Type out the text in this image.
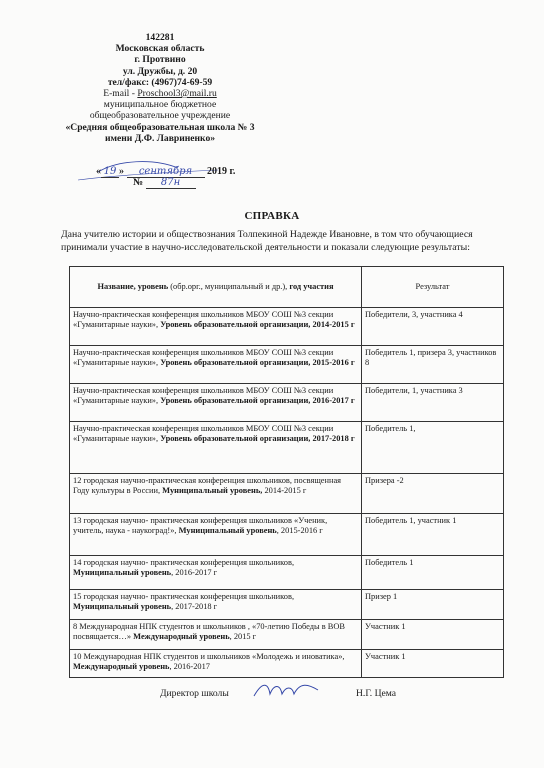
142281
Московская область
г. Протвино
ул. Дружбы, д. 20
тел/факс: (4967)74-69-59
E-mail - Proschool3@mail.ru
муниципальное бюджетное
общеобразовательное учреждение
«Средняя общеобразовательная школа № 3
имени Д.Ф. Лавриненко»
« 19 » сентября 2019 г.
№ 87н
СПРАВКА
Дана учителю истории и обществознания Толпекиной Надежде Ивановне, в том что обучающиеся принимали участие в научно-исследовательской деятельности и показали следующие результаты:
Название, уровень (обр.орг., муниципальный и др.), год участия	Результат
Научно-практическая конференция школьников МБОУ СОШ №3 секции «Гуманитарные науки», Уровень образовательной организации, 2014-2015 г	Победители, 3, участника 4
Научно-практическая конференция школьников МБОУ СОШ №3 секции «Гуманитарные науки», Уровень образовательной организации, 2015-2016 г	Победитель 1, призера 3, участников 8
Научно-практическая конференция школьников МБОУ СОШ №3 секции «Гуманитарные науки», Уровень образовательной организации, 2016-2017 г	Победители, 1, участника 3
Научно-практическая конференция школьников МБОУ СОШ №3 секции «Гуманитарные науки», Уровень образовательной организации, 2017-2018 г	Победитель 1,
12 городская научно-практическая конференция школьников, посвященная Году культуры в России, Муниципальный уровень, 2014-2015 г	Призера -2
13 городская научно- практическая конференция школьников «Ученик, учитель, наука - наукоград!», Муниципальный уровень, 2015-2016 г	Победитель 1, участник 1
14 городская научно- практическая конференция школьников, Муниципальный уровень, 2016-2017 г	Победитель 1
15 городская научно- практическая конференция школьников, Муниципальный уровень, 2017-2018 г	Призер 1
8 Международная НПК студентов и школьников , «70-летию Победы в ВОВ посвящается…» Международный уровень, 2015 г	Участник 1
10 Международная НПК студентов и школьников «Молодежь и иноватика», Международный уровень, 2016-2017	Участник 1
Директор школы	Н.Г. Цема
